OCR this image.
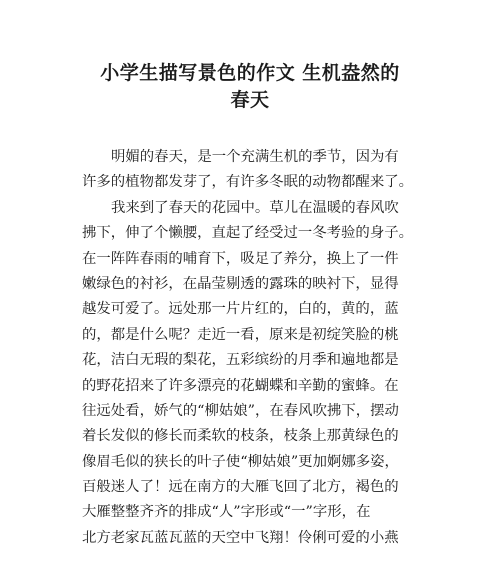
小学生描写景色的作文 生机盎然的
春天
明媚的春天，是一个充满生机的季节，因为有
许多的植物都发芽了，有许多冬眠的动物都醒来了。
我来到了春天的花园中。草儿在温暖的春风吹
拂下，伸了个懒腰，直起了经受过一冬考验的身子。
在一阵阵春雨的哺育下，吸足了养分，换上了一件
嫩绿色的衬衫，在晶莹剔透的露珠的映衬下，显得
越发可爱了。远处那一片片红的，白的，黄的，蓝
的，都是什么呢？走近一看，原来是初绽笑脸的桃
花，洁白无瑕的梨花，五彩缤纷的月季和遍地都是
的野花招来了许多漂亮的花蝴蝶和辛勤的蜜蜂。在
往远处看，娇气的“柳姑娘”，在春风吹拂下，摆动
着长发似的修长而柔软的枝条，枝条上那黄绿色的
像眉毛似的狭长的叶子使“柳姑娘”更加婀娜多姿，
百般迷人了！远在南方的大雁飞回了北方，褐色的
大雁整整齐齐的排成“人”字形或“一”字形，在
北方老家瓦蓝瓦蓝的天空中飞翔！伶俐可爱的小燕
